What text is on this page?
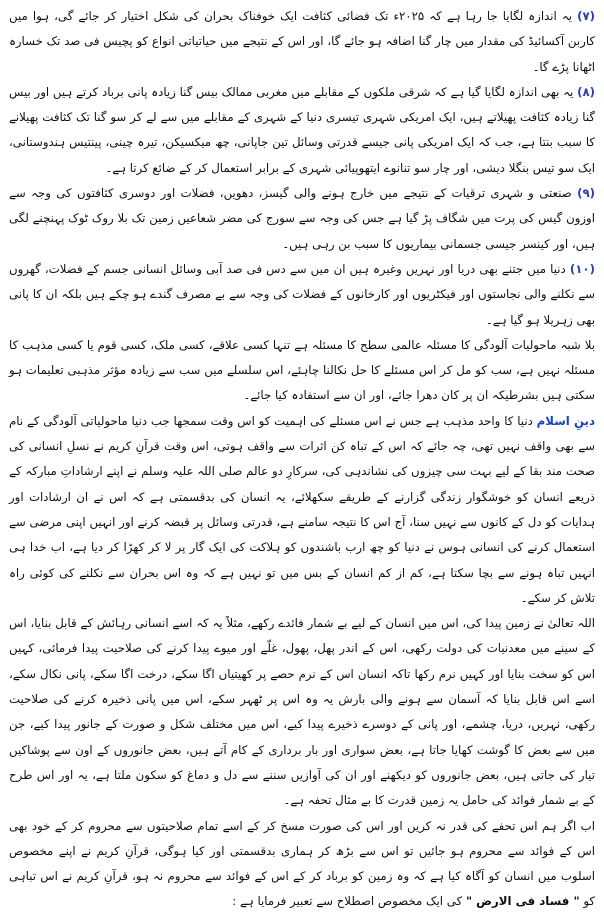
(۷) یہ اندازہ لگایا جا رہا ہے کہ ۲۰۲۵ء تک فضائی کثافت ایک خوفناک بحران کی شکل اختیار کر جائے گی، ہوا میں کاربن آکسائیڈ کی مقدار میں چار گنا اضافہ ہو جائے گا، اور اس کے نتیجے میں حیاتیاتی انواع کو پچیس فی صد تک خسارہ اٹھانا پڑے گا۔

(۸) یہ بھی اندازہ لگایا گیا ہے کہ شرقی ملکوں کے مقابلے میں مغربی ممالک بیس گنا زیادہ پانی برباد کرتے ہیں اور بیس گنا زیادہ کثافت پھیلاتے ہیں، ایک امریکی شہری تیسری دنیا کے شہری کے مقابلے میں سے لے کر سو گنا تک کثافت پھیلانے کا سبب بنتا ہے، جب کہ ایک امریکی پانی جیسے قدرتی وسائل تین جاپانی، چھ میکسیکن، تیرہ چینی، پینتیس ہندوستانی، ایک سو تیس بنگلا دیشی، اور چار سو تنانوے ایتھوپیائی شہری کے برابر استعمال کر کے ضائع کرتا ہے۔

(۹) صنعتی و شہری ترقیات کے نتیجے میں خارج ہونے والی گیسز، دھویں، فضلات اور دوسری کثافتوں کی وجہ سے اوزون گیس کی پرت میں شگاف پڑ گیا ہے جس کی وجہ سے سورج کی مضر شعاعیں زمین تک بلا روک ٹوک پہنچنے لگی ہیں، اور کینسر جیسی جسمانی بیماریوں کا سبب بن رہی ہیں۔

(۱۰) دنیا میں جتنے بھی دریا اور نہریں وغیرہ ہیں ان میں سے دس فی صد آبی وسائل انسانی جسم کے فضلات، گھروں سے نکلنے والی نجاستوں اور فیکٹریوں اور کارخانوں کے فضلات کی وجہ سے بے مصرف گندے ہو چکے ہیں بلکہ ان کا پانی بھی زہریلا ہو گیا ہے۔

بلا شبہ ماحولیات آلودگی کا مسئلہ عالمی سطح کا مسئلہ ہے تنہا کسی علاقے، کسی ملک، کسی قوم یا کسی مذہب کا مسئلہ نہیں ہے، سب کو مل کر اس مسئلے کا حل نکالنا چاہئے، اس سلسلے میں سب سے زیادہ مؤثر مذہبی تعلیمات ہو سکتی ہیں بشرطیکہ ان پر کان دھرا جائے، اور ان سے استفادہ کیا جائے۔

دینِ اسلام دنیا کا واحد مذہب ہے جس نے اس مسئلے کی اہمیت کو اس وقت سمجھا جب دنیا ماحولیاتی آلودگی کے نام سے بھی واقف نہیں تھی، چہ جائے کہ اس کے تباہ کن اثرات سے واقف ہوتی، اس وقت قرآنِ کریم نے نسلِ انسانی کی صحت مند بقا کے لیے بہت سی چیزوں کی نشاندہی کی، سرکارِ دو عالم صلی اللہ علیہ وسلم نے اپنے ارشاداتِ مبارکہ کے ذریعے انسان کو خوشگوار زندگی گزارنے کے طریقے سکھلائے، یہ انسان کی بدقسمتی ہے کہ اس نے ان ارشادات اور ہدایات کو دل کے کانوں سے نہیں سنا، آج اس کا نتیجہ سامنے ہے، قدرتی وسائل پر قبضہ کرنے اور انہیں اپنی مرضی سے استعمال کرنے کی انسانی ہوس نے دنیا کو چھ ارب باشندوں کو ہلاکت کی ایک گار پر لا کر کھڑا کر دیا ہے، اب خدا ہی انہیں تباہ ہونے سے بچا سکتا ہے، کم از کم انسان کے بس میں تو نہیں ہے کہ وہ اس بحران سے نکلنے کی کوئی راہ تلاش کر سکے۔

اللہ تعالیٰ نے زمین پیدا کی، اس میں انسان کے لیے بے شمار فائدے رکھے، مثلاً یہ کہ اسے انسانی رہائش کے قابل بنایا، اس کے سینے میں معدنیات کی دولت رکھی، اس کے اندر پھل، پھول، غلّے اور میوے پیدا کرنے کی صلاحیت پیدا فرمائی، کہیں اس کو سخت بنایا اور کہیں نرم رکھا تاکہ انسان اس کے نرم حصے پر کھیتیاں اگا سکے، درخت اگا سکے، پانی نکال سکے، اسے اس قابل بنایا کہ آسمان سے ہونے والی بارش یہ وہ اس پر ٹھہر سکے، اس میں پانی ذخیرہ کرنے کی صلاحیت رکھی، نہریں، دریا، چشمے، اور پانی کے دوسرے ذخیرے پیدا کیے، اس میں مختلف شکل و صورت کے جانور پیدا کیے، جن میں سے بعض کا گوشت کھایا جاتا ہے، بعض سواری اور بار برداری کے کام آتے ہیں، بعض جانوروں کے اون سے پوشاکیں تیار کی جاتی ہیں، بعض جانوروں کو دیکھنے اور ان کی آوازیں سننے سے دل و دماغ کو سکون ملتا ہے، یہ اور اس طرح کے بے شمار فوائد کی حامل یہ زمین قدرت کا بے مثال تحفہ ہے۔

اب اگر ہم اس تحفے کی قدر نہ کریں اور اس کی صورت مسخ کر کے اسے تمام صلاحیتوں سے محروم کر کے خود بھی اس کے فوائد سے محروم ہو جائیں تو اس سے بڑھ کر ہماری بدقسمتی اور کیا ہوگی، قرآنِ کریم نے اپنے مخصوص اسلوب میں انسان کو آگاہ کیا ہے کہ وہ زمین کو برباد کر کے اس کے فوائد سے محروم نہ ہو، قرآنِ کریم نے اس تباہی کو " فساد فی الارض " کی ایک مخصوص اصطلاح سے تعبیر فرمایا ہے :
